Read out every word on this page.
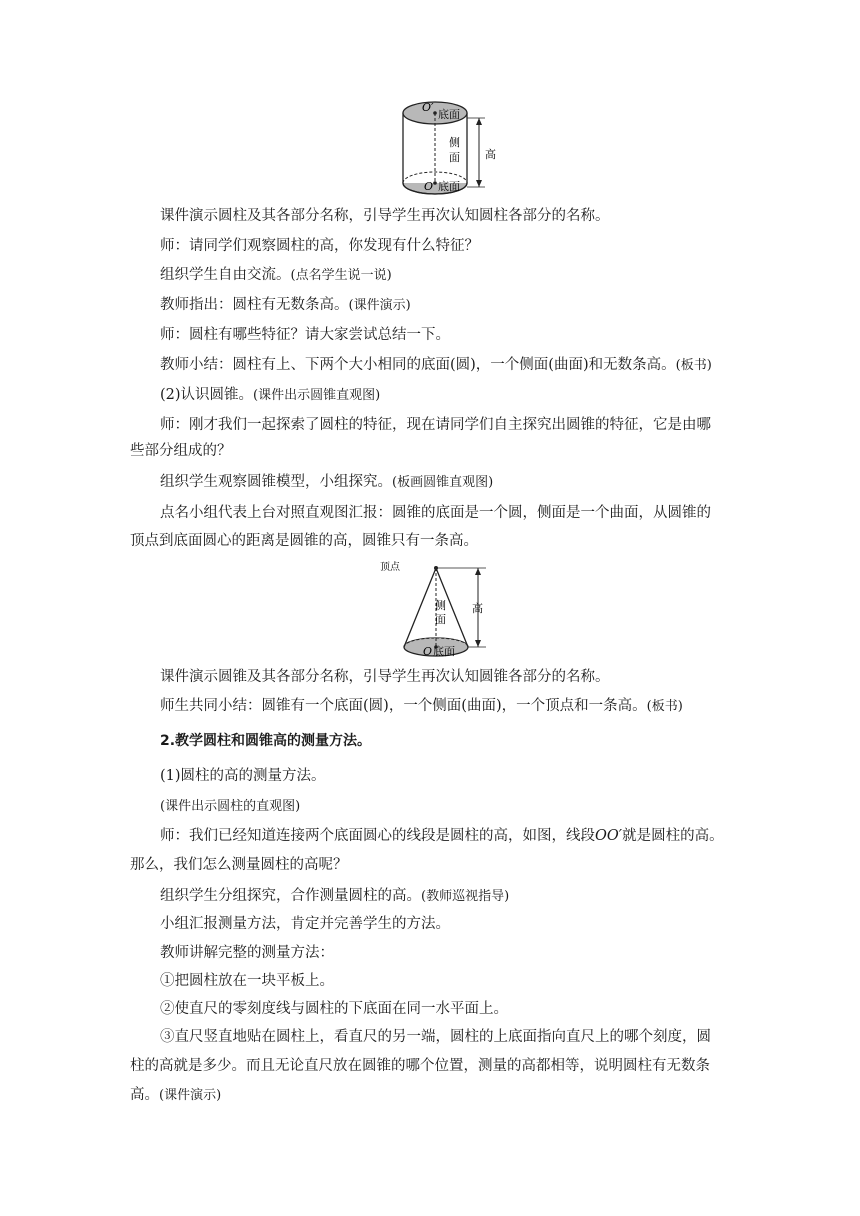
O′
底面
侧
面 高
O 底面
课件演示圆柱及其各部分名称，引导学生再次认知圆柱各部分的名称。
师：请同学们观察圆柱的高，你发现有什么特征？
组织学生自由交流。(点名学生说一说)
教师指出：圆柱有无数条高。(课件演示)
师：圆柱有哪些特征？请大家尝试总结一下。
教师小结：圆柱有上、下两个大小相同的底面(圆)，一个侧面(曲面)和无数条高。(板书)
(2)认识圆锥。(课件出示圆锥直观图)
师：刚才我们一起探索了圆柱的特征，现在请同学们自主探究出圆锥的特征，它是由哪
些部分组成的？
组织学生观察圆锥模型，小组探究。(板画圆锥直观图)
点名小组代表上台对照直观图汇报：圆锥的底面是一个圆，侧面是一个曲面，从圆锥的
顶点到底面圆心的距离是圆锥的高，圆锥只有一条高。
顶点
侧
面
高
O 底面
课件演示圆锥及其各部分名称，引导学生再次认知圆锥各部分的名称。
师生共同小结：圆锥有一个底面(圆)，一个侧面(曲面)，一个顶点和一条高。(板书)
2.教学圆柱和圆锥高的测量方法。
(1)圆柱的高的测量方法。
(课件出示圆柱的直观图)
师：我们已经知道连接两个底面圆心的线段是圆柱的高，如图，线段OO′就是圆柱的高。
那么，我们怎么测量圆柱的高呢？
组织学生分组探究，合作测量圆柱的高。(教师巡视指导)
小组汇报测量方法，肯定并完善学生的方法。
教师讲解完整的测量方法：
①把圆柱放在一块平板上。
②使直尺的零刻度线与圆柱的下底面在同一水平面上。
③直尺竖直地贴在圆柱上，看直尺的另一端，圆柱的上底面指向直尺上的哪个刻度，圆
柱的高就是多少。而且无论直尺放在圆锥的哪个位置，测量的高都相等，说明圆柱有无数条
高。(课件演示)
